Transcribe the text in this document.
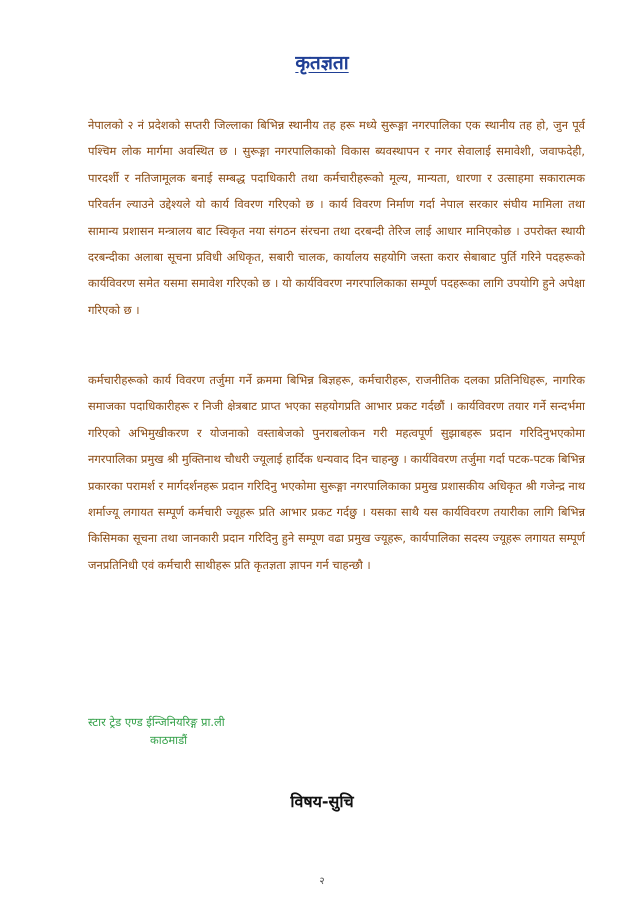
कृतज्ञता

नेपालको २ नं प्रदेशको सप्तरी जिल्लाका बिभिन्न स्थानीय तह हरू मध्ये सुरूङ्गा नगरपालिका एक स्थानीय तह हो, जुन पूर्व पश्चिम लोक मार्गमा अवस्थित छ । सुरूङ्गा नगरपालिकाको विकास ब्यवस्थापन र नगर सेवालाई समावेशी, जवाफदेही, पारदर्शी र नतिजामूलक बनाई सम्बद्ध पदाधिकारी तथा कर्मचारीहरूको मूल्य, मान्यता, धारणा र उत्साहमा सकारात्मक परिवर्तन ल्याउने उद्देश्यले यो कार्य विवरण गरिएको छ । कार्य विवरण निर्माण गर्दा नेपाल सरकार संघीय मामिला तथा सामान्य प्रशासन मन्त्रालय बाट स्विकृत नया संगठन संरचना तथा दरबन्दी तेरिज लाई आधार मानिएकोछ । उपरोक्त स्थायी दरबन्दीका अलाबा सूचना प्रविधी अधिकृत, सबारी चालक, कार्यालय सहयोगि जस्ता करार सेबाबाट पुर्ति गरिने पदहरूको कार्यविवरण समेत यसमा समावेश गरिएको छ । यो कार्यविवरण नगरपालिकाका सम्पूर्ण पदहरूका लागि उपयोगि हुने अपेक्षा गरिएको छ ।

कर्मचारीहरूको कार्य विवरण तर्जुमा गर्ने क्रममा बिभिन्न बिज्ञहरू, कर्मचारीहरू, राजनीतिक दलका प्रतिनिधिहरू, नागरिक समाजका पदाधिकारीहरू र निजी क्षेत्रबाट प्राप्त भएका सहयोगप्रति आभार प्रकट गर्दछौं । कार्यविवरण तयार गर्ने सन्दर्भमा गरिएको अभिमुखीकरण र योजनाको वस्ताबेजको पुनराबलोकन गरी महत्वपूर्ण सुझाबहरू प्रदान गरिदिनुभएकोमा नगरपालिका प्रमुख श्री मुक्तिनाथ चौधरी ज्यूलाई हार्दिक धन्यवाद दिन चाहन्छु । कार्यविवरण तर्जुमा गर्दा पटक-पटक बिभिन्न प्रकारका परामर्श र मार्गदर्शनहरू प्रदान गरिदिनु भएकोमा सुरूङ्गा नगरपालिकाका प्रमुख प्रशासकीय अधिकृत श्री गजेन्द्र नाथ शर्माज्यू लगायत सम्पूर्ण कर्मचारी ज्यूहरू प्रति आभार प्रकट गर्दछु । यसका साथै यस कार्यविवरण तयारीका लागि बिभिन्न किसिमका सूचना तथा जानकारी प्रदान गरिदिनु हुने सम्पूण वढा प्रमुख ज्यूहरू, कार्यपालिका सदस्य ज्यूहरू लगायत सम्पूर्ण जनप्रतिनिधी एवं कर्मचारी साथीहरू प्रति कृतज्ञता ज्ञापन गर्न चाहन्छौ ।

स्टार ट्रेड एण्ड ईन्जिनियरिङ्ग प्रा.ली
काठमाडौं
विषय-सुचि
२
